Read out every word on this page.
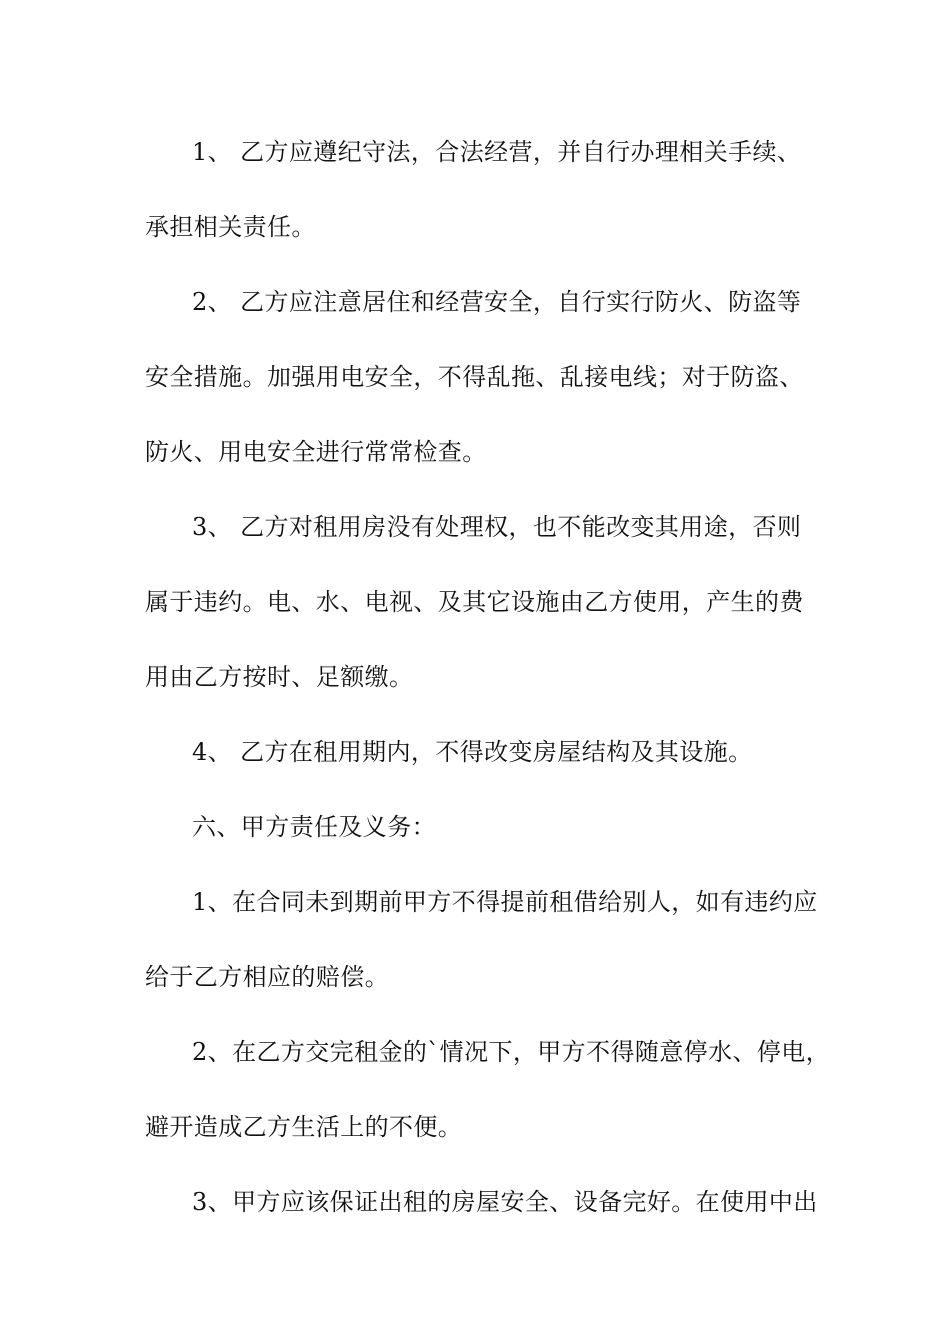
1、 乙方应遵纪守法，合法经营，并自行办理相关手续、
承担相关责任。
2、 乙方应注意居住和经营安全，自行实行防火、防盗等
安全措施。加强用电安全，不得乱拖、乱接电线；对于防盗、
防火、用电安全进行常常检查。
3、 乙方对租用房没有处理权，也不能改变其用途，否则
属于违约。电、水、电视、及其它设施由乙方使用，产生的费
用由乙方按时、足额缴。
4、 乙方在租用期内，不得改变房屋结构及其设施。
六、甲方责任及义务：
1、在合同未到期前甲方不得提前租借给别人，如有违约应
给于乙方相应的赔偿。
2、在乙方交完租金的`情况下，甲方不得随意停水、停电，
避开造成乙方生活上的不便。
3、甲方应该保证出租的房屋安全、设备完好。在使用中出
